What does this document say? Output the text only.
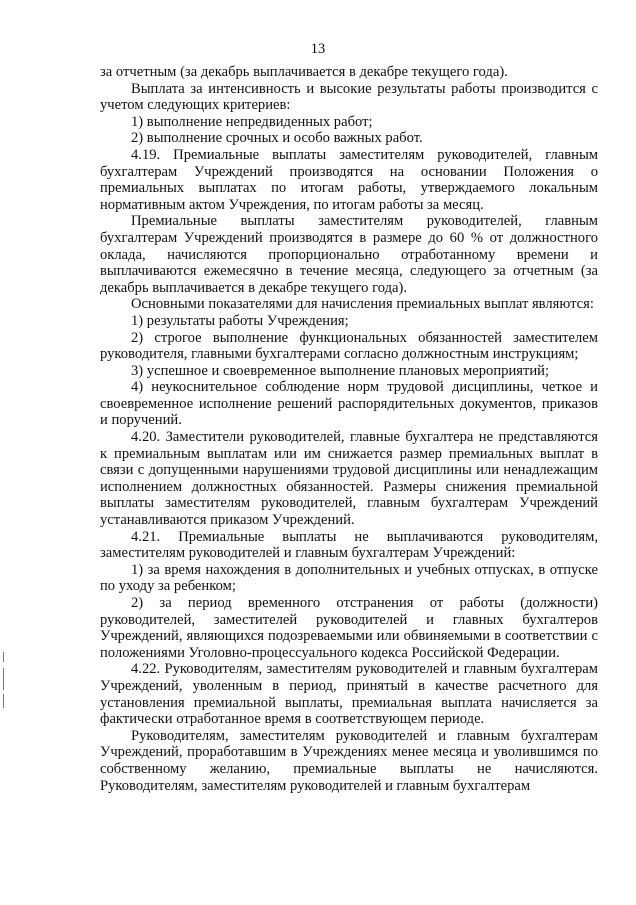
13

за отчетным (за декабрь выплачивается в декабре текущего года).

Выплата за интенсивность и высокие результаты работы производится с учетом следующих критериев:

1) выполнение непредвиденных работ;

2) выполнение срочных и особо важных работ.

4.19. Премиальные выплаты заместителям руководителей, главным бухгалтерам Учреждений производятся на основании Положения о премиальных выплатах по итогам работы, утверждаемого локальным нормативным актом Учреждения, по итогам работы за месяц.

Премиальные выплаты заместителям руководителей, главным бухгалтерам Учреждений производятся в размере до 60 % от должностного оклада, начисляются пропорционально отработанному времени и выплачиваются ежемесячно в течение месяца, следующего за отчетным (за декабрь выплачивается в декабре текущего года).

Основными показателями для начисления премиальных выплат являются:

1) результаты работы Учреждения;

2) строгое выполнение функциональных обязанностей заместителем руководителя, главными бухгалтерами согласно должностным инструкциям;

3) успешное и своевременное выполнение плановых мероприятий;

4) неукоснительное соблюдение норм трудовой дисциплины, четкое и своевременное исполнение решений распорядительных документов, приказов и поручений.

4.20. Заместители руководителей, главные бухгалтера не представляются к премиальным выплатам или им снижается размер премиальных выплат в связи с допущенными нарушениями трудовой дисциплины или ненадлежащим исполнением должностных обязанностей. Размеры снижения премиальной выплаты заместителям руководителей, главным бухгалтерам Учреждений устанавливаются приказом Учреждений.

4.21. Премиальные выплаты не выплачиваются руководителям, заместителям руководителей и главным бухгалтерам Учреждений:

1) за время нахождения в дополнительных и учебных отпусках, в отпуске по уходу за ребенком;

2) за период временного отстранения от работы (должности) руководителей, заместителей руководителей и главных бухгалтеров Учреждений, являющихся подозреваемыми или обвиняемыми в соответствии с положениями Уголовно-процессуального кодекса Российской Федерации.

4.22. Руководителям, заместителям руководителей и главным бухгалтерам Учреждений, уволенным в период, принятый в качестве расчетного для установления премиальной выплаты, премиальная выплата начисляется за фактически отработанное время в соответствующем периоде.

Руководителям, заместителям руководителей и главным бухгалтерам Учреждений, проработавшим в Учреждениях менее месяца и уволившимся по собственному желанию, премиальные выплаты не начисляются. Руководителям, заместителям руководителей и главным бухгалтерам
